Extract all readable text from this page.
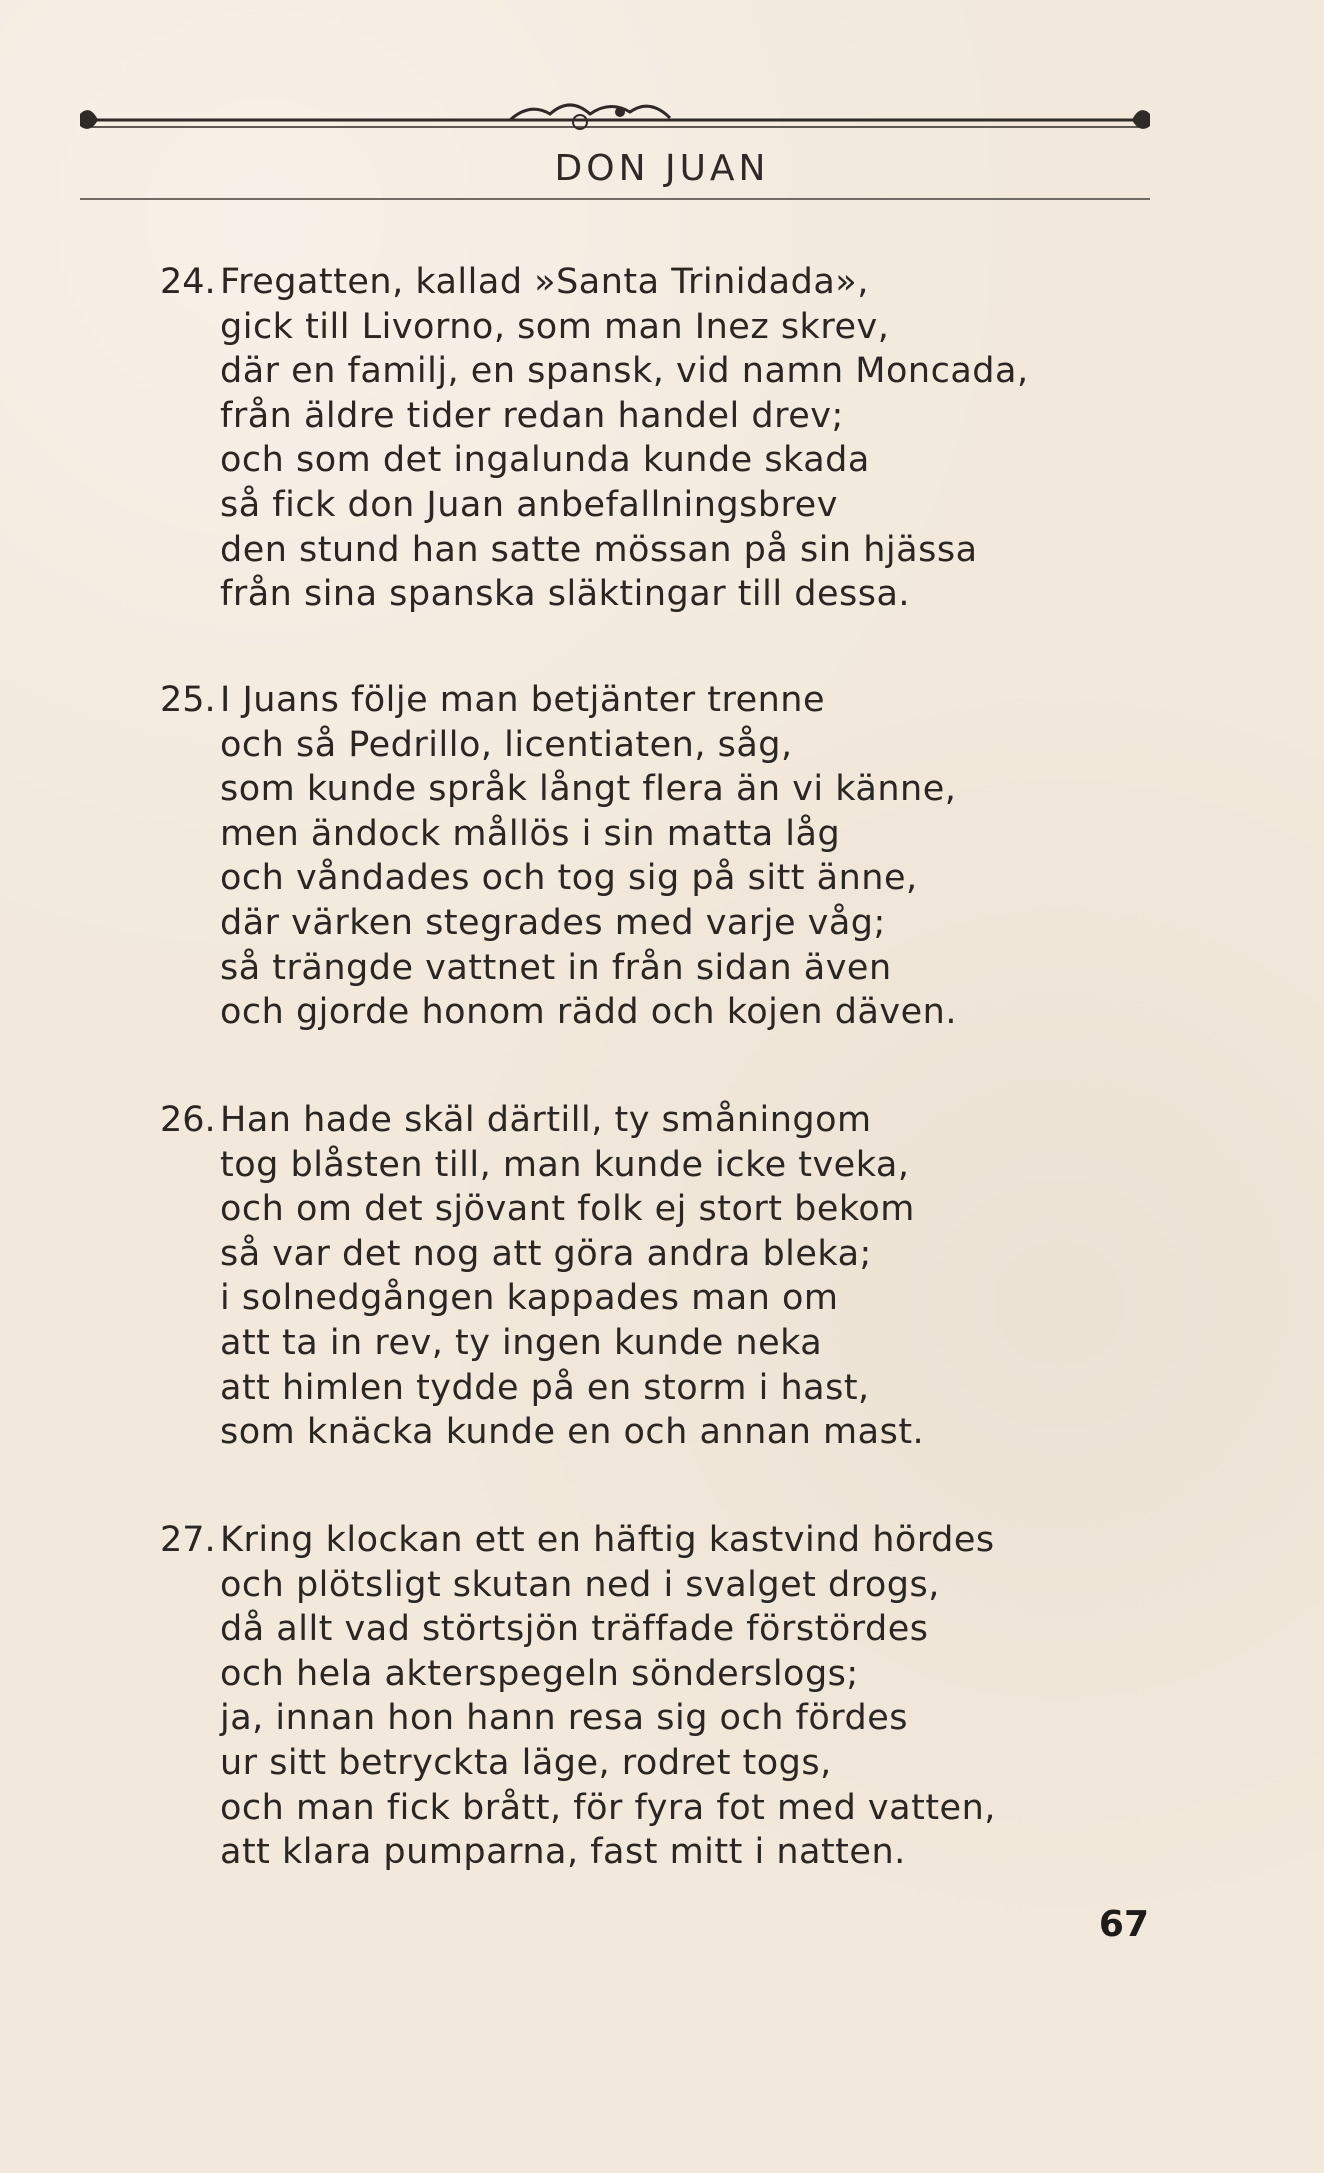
DON JUAN
24. Fregatten, kallad »Santa Trinidada»,
gick till Livorno, som man Inez skrev,
där en familj, en spansk, vid namn Moncada,
från äldre tider redan handel drev;
och som det ingalunda kunde skada
så fick don Juan anbefallningsbrev
den stund han satte mössan på sin hjässa
från sina spanska släktingar till dessa.
25. I Juans följe man betjänter trenne
och så Pedrillo, licentiaten, såg,
som kunde språk långt flera än vi känne,
men ändock mållös i sin matta låg
och våndades och tog sig på sitt änne,
där värken stegrades med varje våg;
så trängde vattnet in från sidan även
och gjorde honom rädd och kojen däven.
26. Han hade skäl därtill, ty småningom
tog blåsten till, man kunde icke tveka,
och om det sjövant folk ej stort bekom
så var det nog att göra andra bleka;
i solnedgången kappades man om
att ta in rev, ty ingen kunde neka
att himlen tydde på en storm i hast,
som knäcka kunde en och annan mast.
27. Kring klockan ett en häftig kastvind hördes
och plötsligt skutan ned i svalget drogs,
då allt vad störtsjön träffade förstördes
och hela akterspegeln sönderslogs;
ja, innan hon hann resa sig och fördes
ur sitt betryckta läge, rodret togs,
och man fick brått, för fyra fot med vatten,
att klara pumparna, fast mitt i natten.
67
